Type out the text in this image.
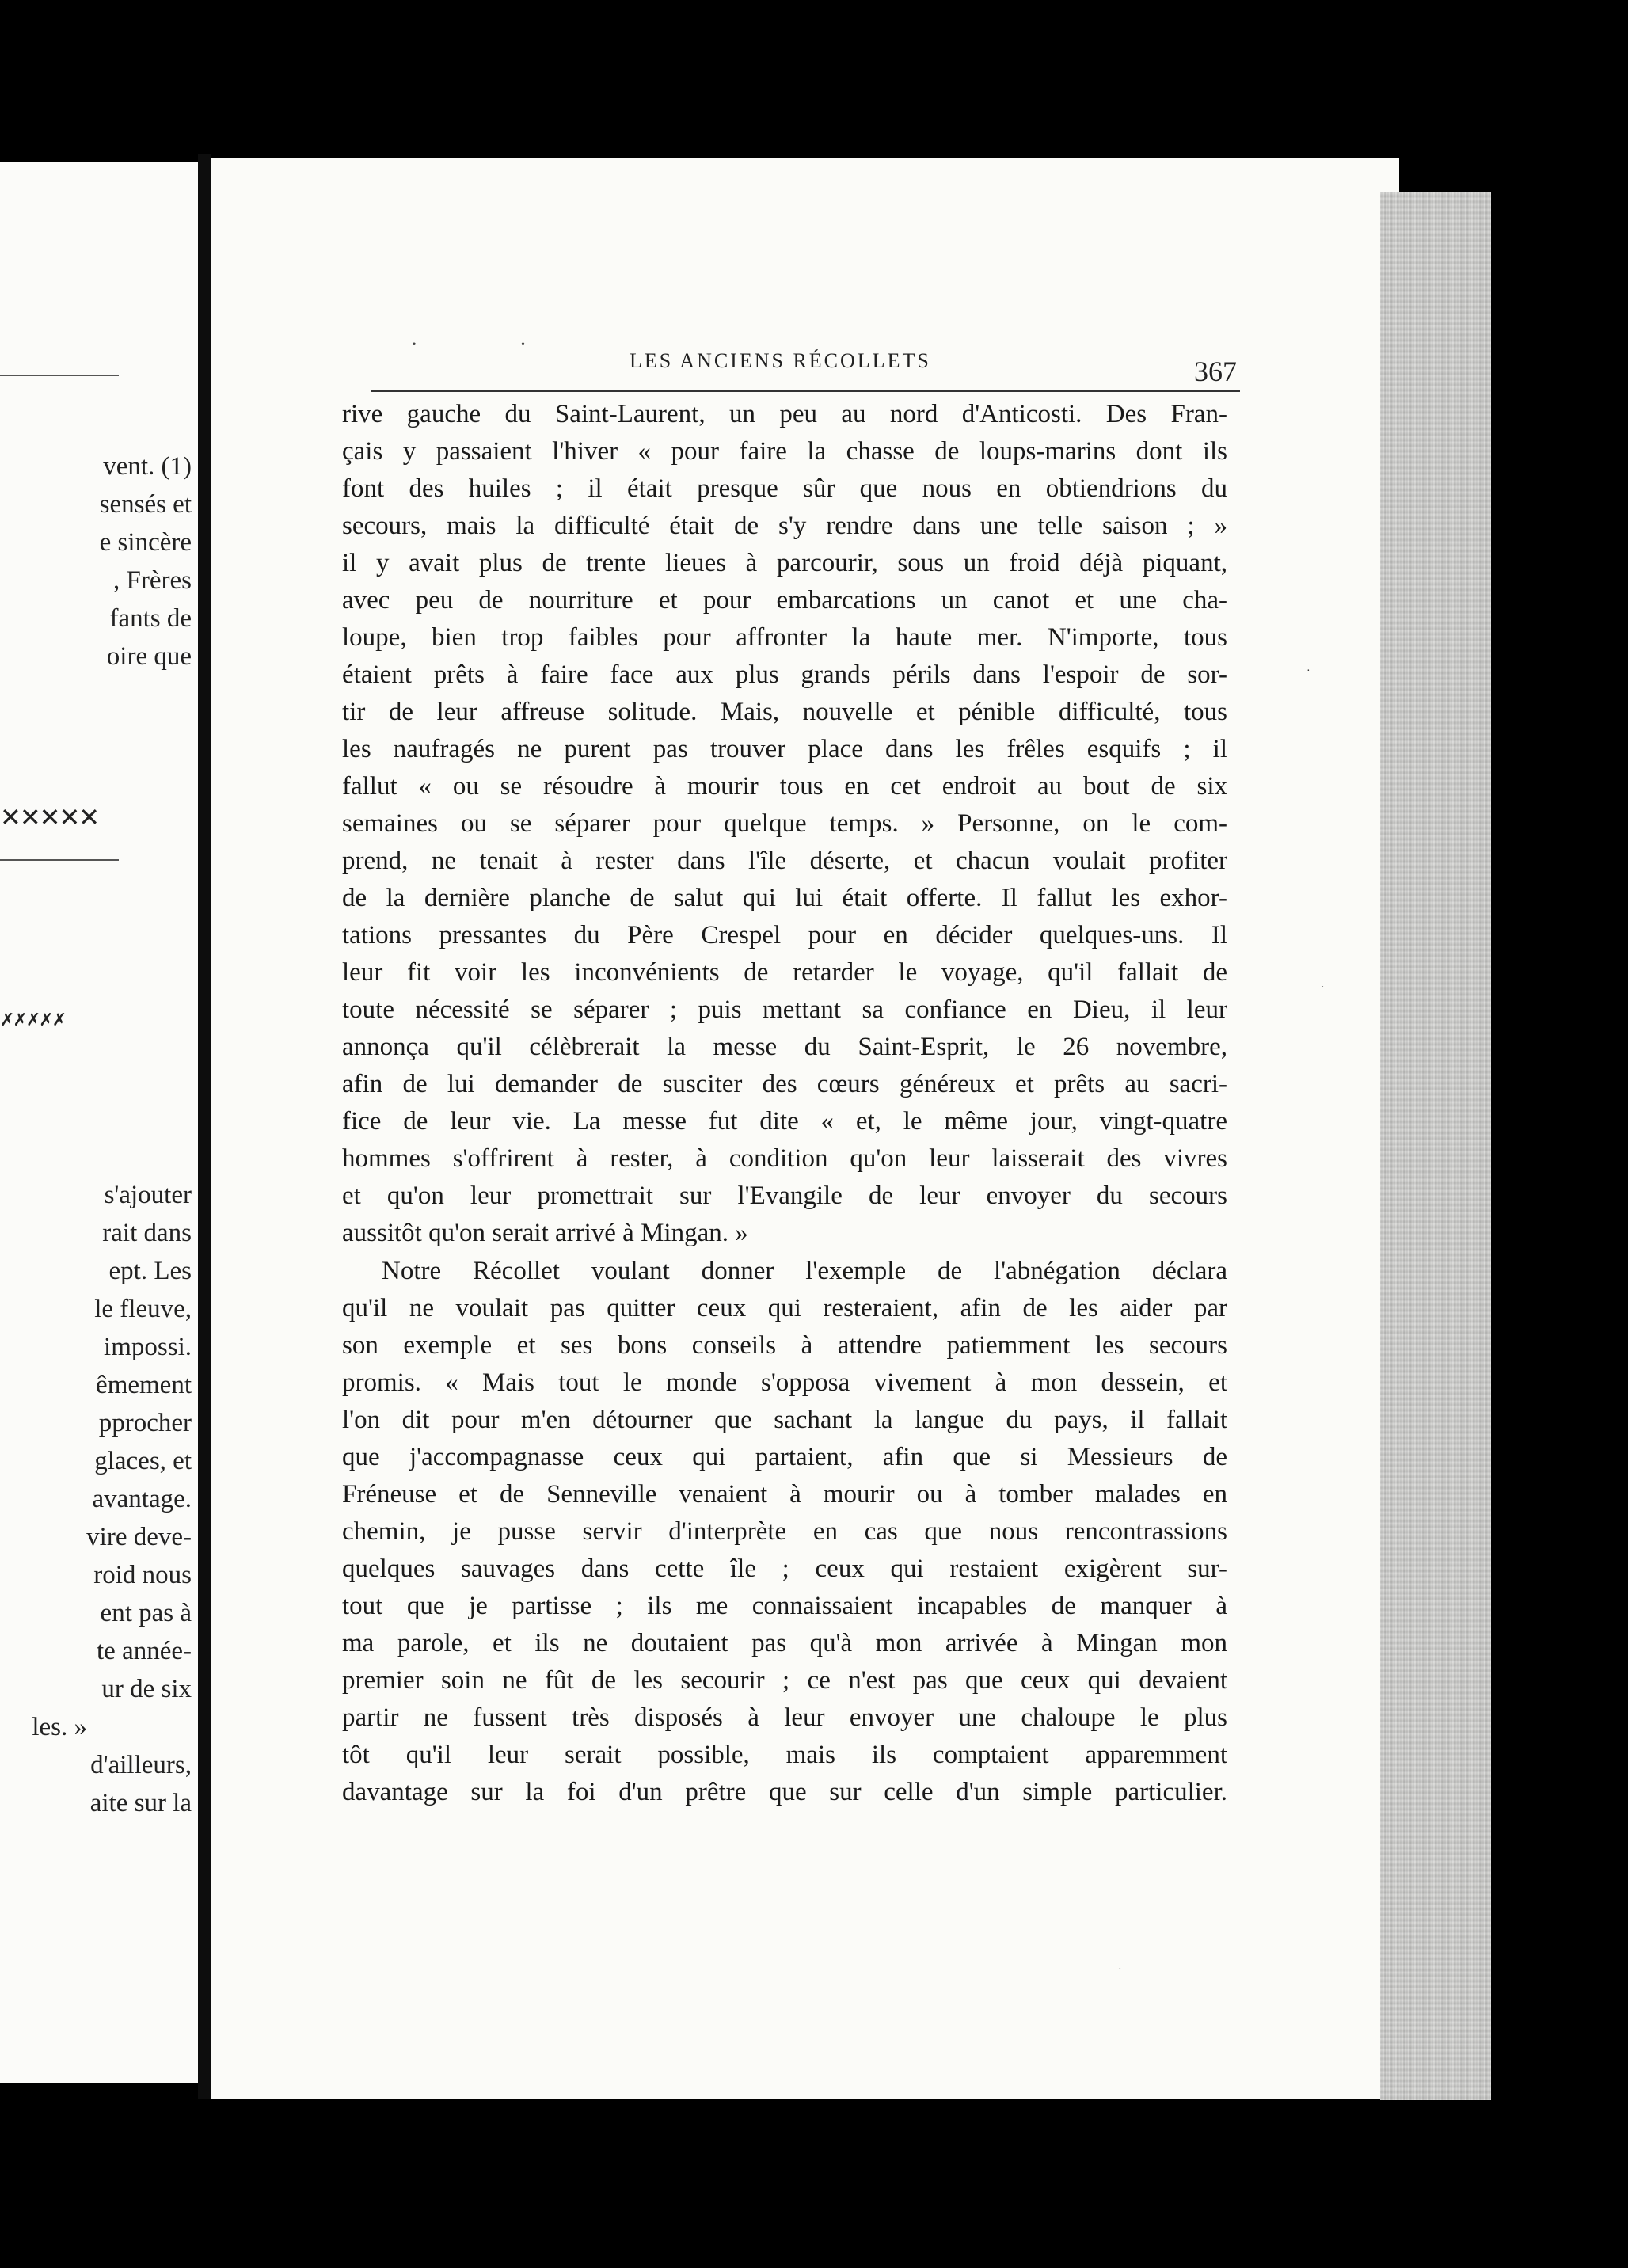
vent. (1)
sensés et
e sincère
, Frères
fants de
oire que
✕✕✕✕✕
✗✗✗✗✗
s'ajouter
rait dans
ept. Les
le fleuve,
impossi.
êmement
pprocher
glaces, et
avantage.
vire deve-
roid nous
ent pas à
te année-
ur de six
les. »
d'ailleurs,
aite sur la
· ·
LES ANCIENS RÉCOLLETS	367
rive gauche du Saint-Laurent, un peu au nord d'Anticosti. Des Fran-
çais y passaient l'hiver « pour faire la chasse de loups-marins dont ils
font des huiles ; il était presque sûr que nous en obtiendrions du
secours, mais la difficulté était de s'y rendre dans une telle saison ; »
il y avait plus de trente lieues à parcourir, sous un froid déjà piquant,
avec peu de nourriture et pour embarcations un canot et une cha-
loupe, bien trop faibles pour affronter la haute mer. N'importe, tous
étaient prêts à faire face aux plus grands périls dans l'espoir de sor-
tir de leur affreuse solitude. Mais, nouvelle et pénible difficulté, tous
les naufragés ne purent pas trouver place dans les frêles esquifs ; il
fallut « ou se résoudre à mourir tous en cet endroit au bout de six
semaines ou se séparer pour quelque temps. » Personne, on le com-
prend, ne tenait à rester dans l'île déserte, et chacun voulait profiter
de la dernière planche de salut qui lui était offerte. Il fallut les exhor-
tations pressantes du Père Crespel pour en décider quelques-uns. Il
leur fit voir les inconvénients de retarder le voyage, qu'il fallait de
toute nécessité se séparer ; puis mettant sa confiance en Dieu, il leur
annonça qu'il célèbrerait la messe du Saint-Esprit, le 26 novembre,
afin de lui demander de susciter des cœurs généreux et prêts au sacri-
fice de leur vie. La messe fut dite « et, le même jour, vingt-quatre
hommes s'offrirent à rester, à condition qu'on leur laisserait des vivres
et qu'on leur promettrait sur l'Evangile de leur envoyer du secours
aussitôt qu'on serait arrivé à Mingan. »
Notre Récollet voulant donner l'exemple de l'abnégation déclara
qu'il ne voulait pas quitter ceux qui resteraient, afin de les aider par
son exemple et ses bons conseils à attendre patiemment les secours
promis. « Mais tout le monde s'opposa vivement à mon dessein, et
l'on dit pour m'en détourner que sachant la langue du pays, il fallait
que j'accompagnasse ceux qui partaient, afin que si Messieurs de
Fréneuse et de Senneville venaient à mourir ou à tomber malades en
chemin, je pusse servir d'interprète en cas que nous rencontrassions
quelques sauvages dans cette île ; ceux qui restaient exigèrent sur-
tout que je partisse ; ils me connaissaient incapables de manquer à
ma parole, et ils ne doutaient pas qu'à mon arrivée à Mingan mon
premier soin ne fût de les secourir ; ce n'est pas que ceux qui devaient
partir ne fussent très disposés à leur envoyer une chaloupe le plus
tôt qu'il leur serait possible, mais ils comptaient apparemment
davantage sur la foi d'un prêtre que sur celle d'un simple particulier.
·
·
·
